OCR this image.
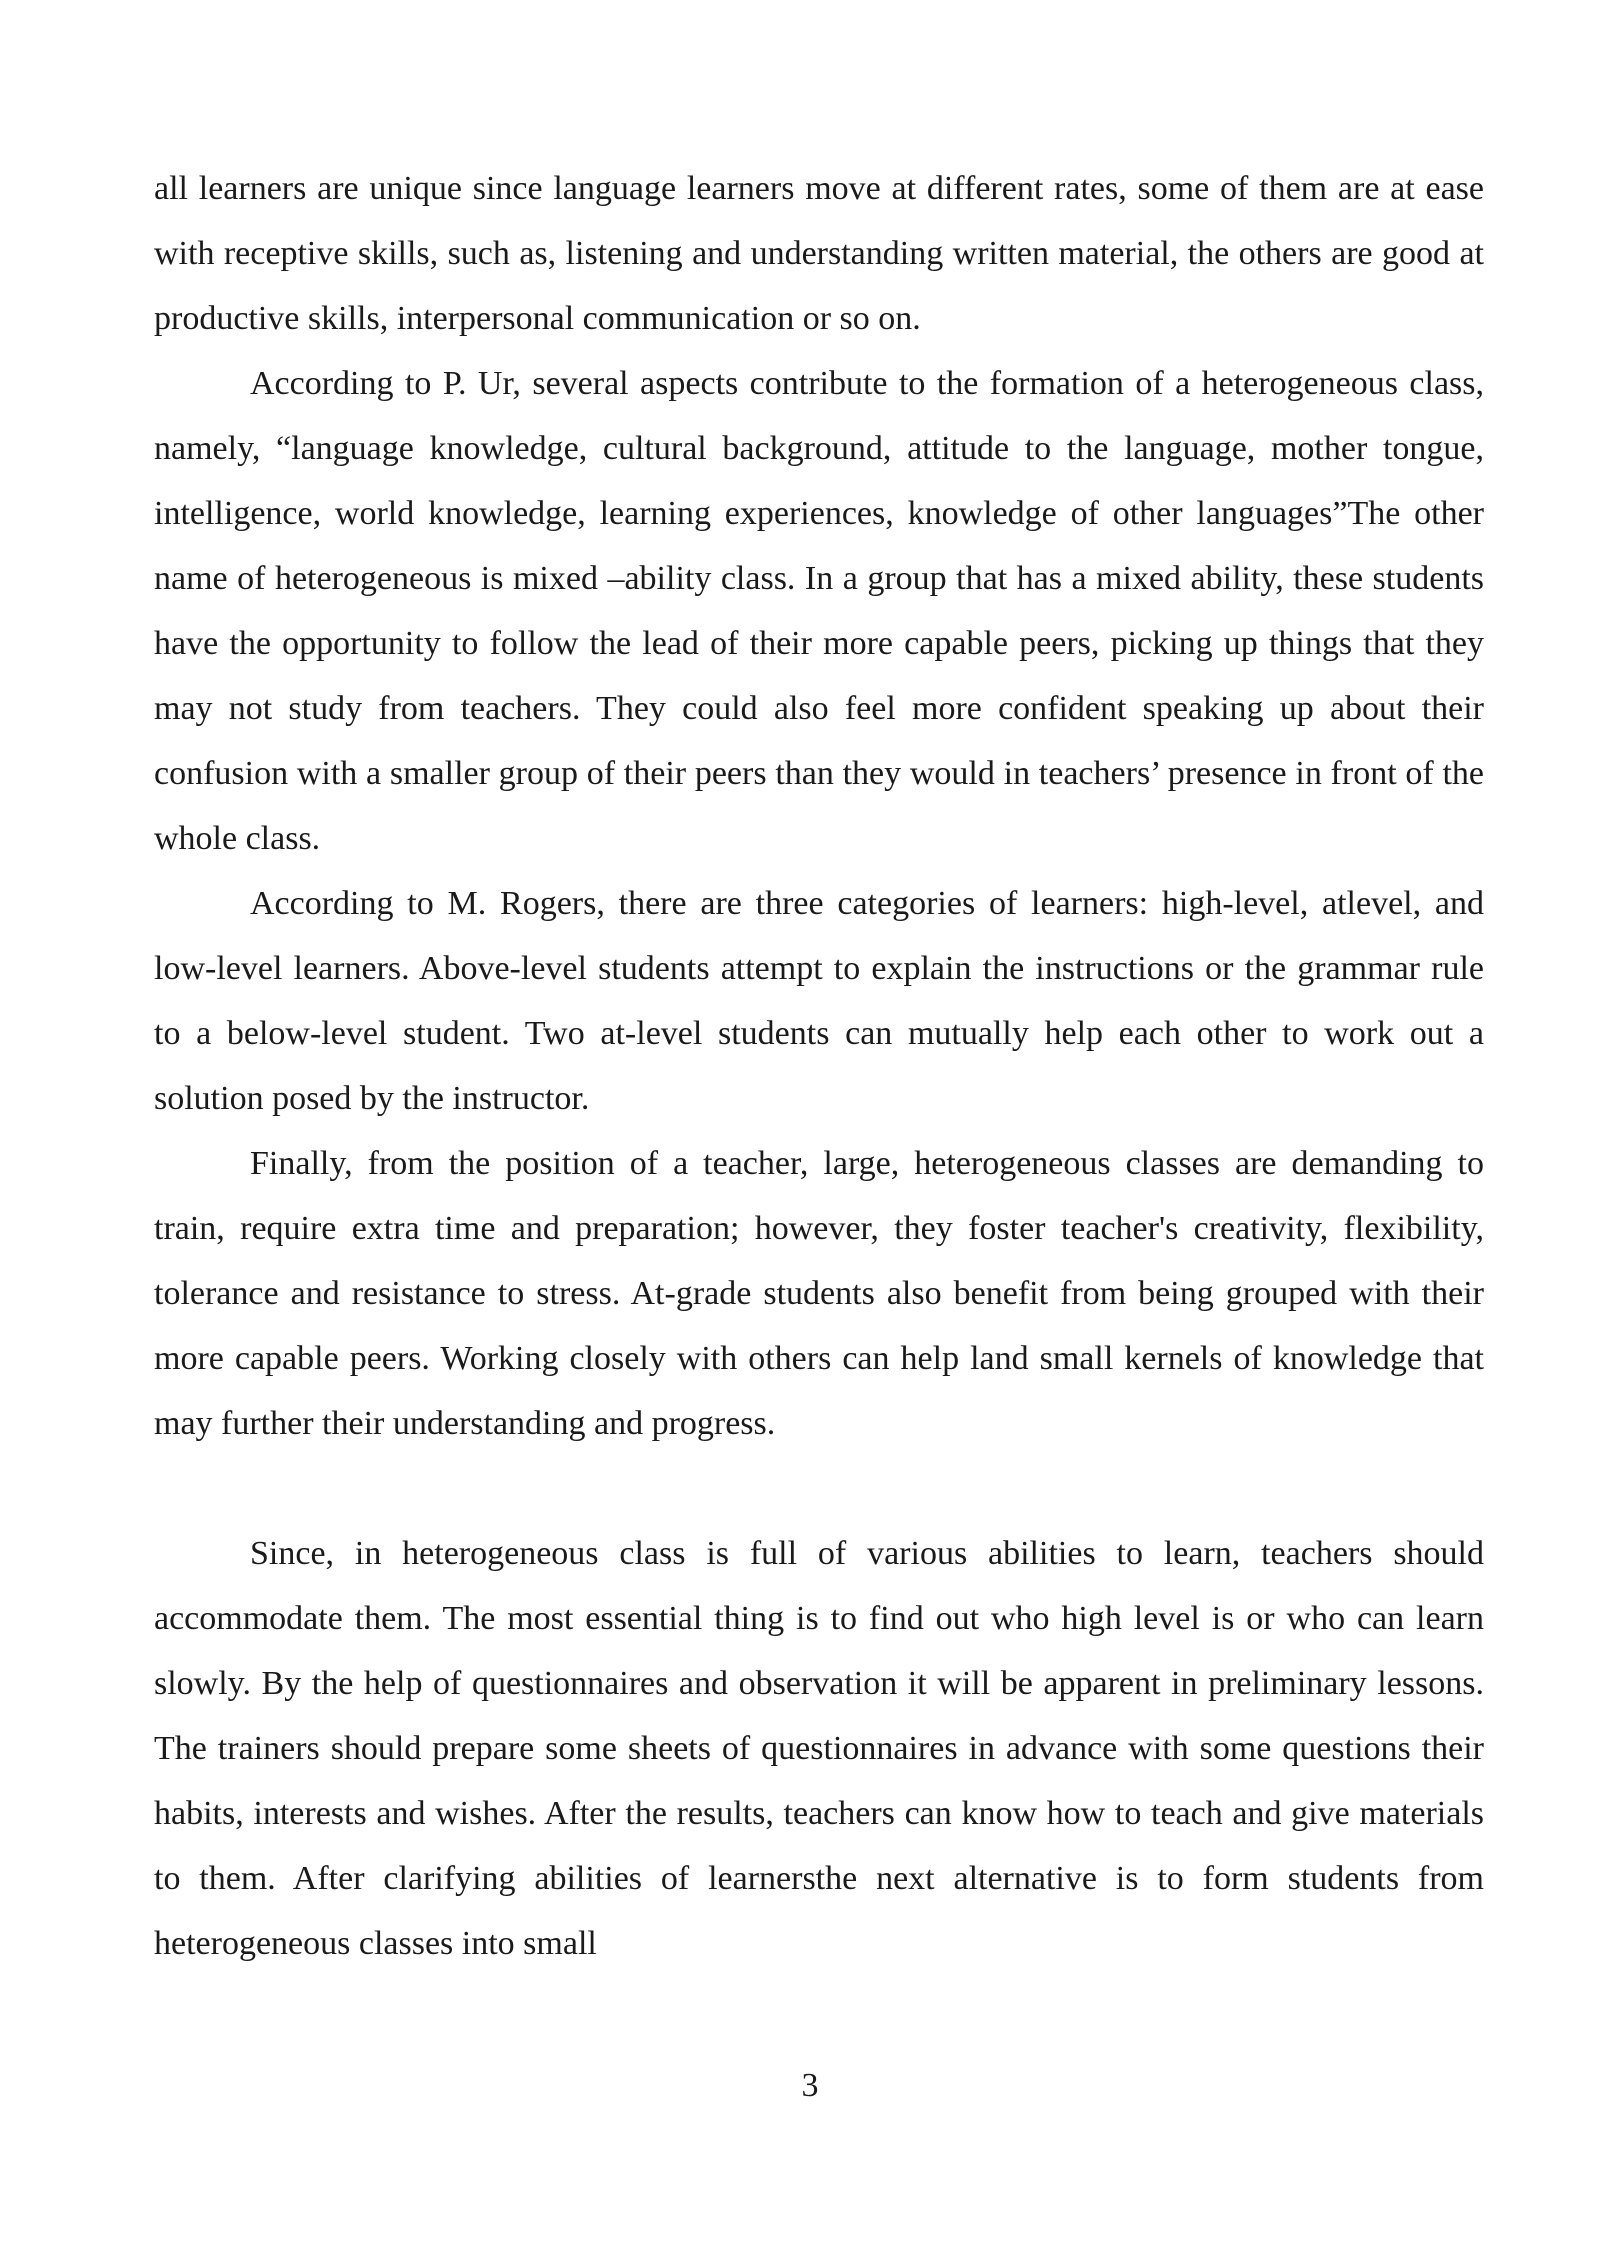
all learners are unique since language learners move at different rates, some of them are at ease with receptive skills, such as, listening and understanding written material, the others are good at productive skills, interpersonal communication or so on.

According to P. Ur, several aspects contribute to the formation of a heterogeneous class, namely, “language knowledge, cultural background, attitude to the language, mother tongue, intelligence, world knowledge, learning experiences, knowledge of other languages”The other name of heterogeneous is mixed –ability class. In a group that has a mixed ability, these students have the opportunity to follow the lead of their more capable peers, picking up things that they may not study from teachers. They could also feel more confident speaking up about their confusion with a smaller group of their peers than they would in teachers’ presence in front of the whole class.

According to M. Rogers, there are three categories of learners: high-level, atlevel, and low-level learners. Above-level students attempt to explain the instructions or the grammar rule to a below-level student. Two at-level students can mutually help each other to work out a solution posed by the instructor.

Finally, from the position of a teacher, large, heterogeneous classes are demanding to train, require extra time and preparation; however, they foster teacher's creativity, flexibility, tolerance and resistance to stress. At-grade students also benefit from being grouped with their more capable peers. Working closely with others can help land small kernels of knowledge that may further their understanding and progress.

Since, in heterogeneous class is full of various abilities to learn, teachers should accommodate them. The most essential thing is to find out who high level is or who can learn slowly. By the help of questionnaires and observation it will be apparent in preliminary lessons. The trainers should prepare some sheets of questionnaires in advance with some questions their habits, interests and wishes. After the results, teachers can know how to teach and give materials to them. After clarifying abilities of learnersthe next alternative is to form students from heterogeneous classes into small

3
